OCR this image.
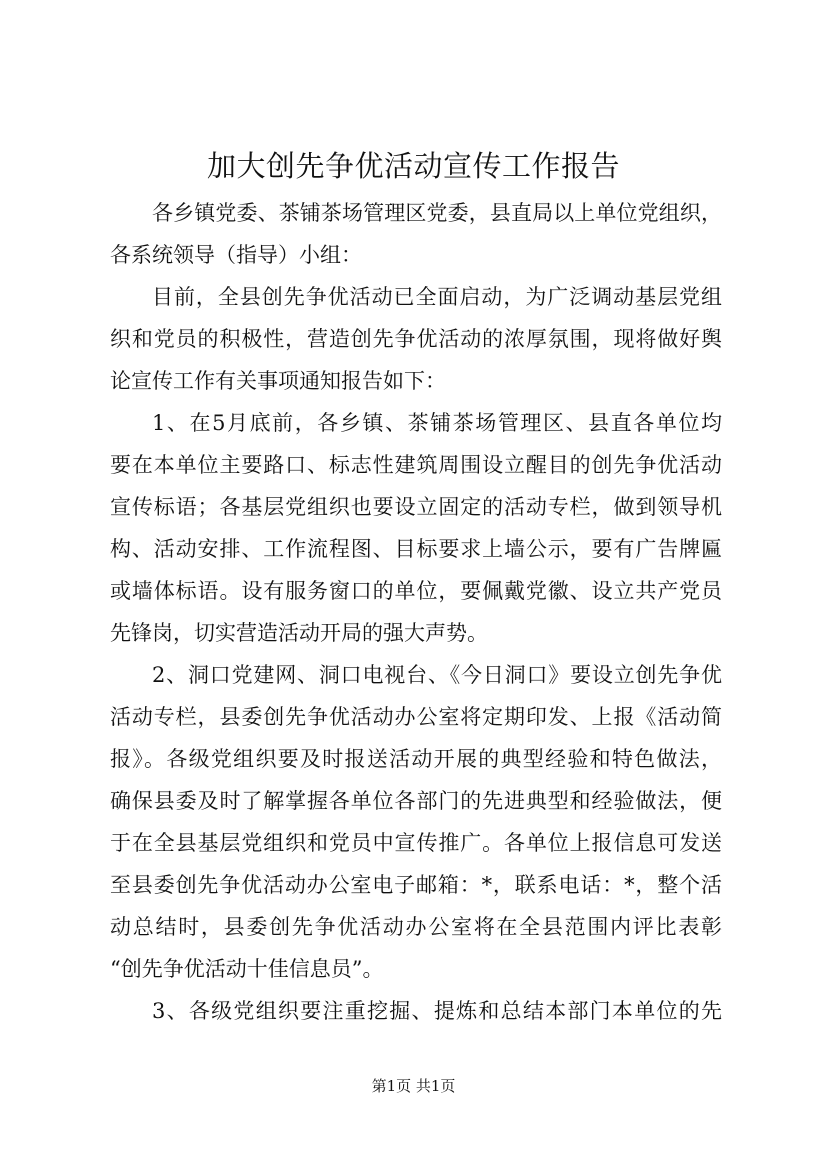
加大创先争优活动宣传工作报告
各乡镇党委、茶铺茶场管理区党委，县直局以上单位党组织，
各系统领导（指导）小组：
目前，全县创先争优活动已全面启动，为广泛调动基层党组
织和党员的积极性，营造创先争优活动的浓厚氛围，现将做好舆
论宣传工作有关事项通知报告如下：
1、在5月底前，各乡镇、茶铺茶场管理区、县直各单位均
要在本单位主要路口、标志性建筑周围设立醒目的创先争优活动
宣传标语；各基层党组织也要设立固定的活动专栏，做到领导机
构、活动安排、工作流程图、目标要求上墙公示，要有广告牌匾
或墙体标语。设有服务窗口的单位，要佩戴党徽、设立共产党员
先锋岗，切实营造活动开局的强大声势。
2、洞口党建网、洞口电视台、《今日洞口》要设立创先争优
活动专栏，县委创先争优活动办公室将定期印发、上报《活动简
报》。各级党组织要及时报送活动开展的典型经验和特色做法，
确保县委及时了解掌握各单位各部门的先进典型和经验做法，便
于在全县基层党组织和党员中宣传推广。各单位上报信息可发送
至县委创先争优活动办公室电子邮箱：*，联系电话：*，整个活
动总结时，县委创先争优活动办公室将在全县范围内评比表彰
“创先争优活动十佳信息员”。
3、各级党组织要注重挖掘、提炼和总结本部门本单位的先
第1页 共1页
